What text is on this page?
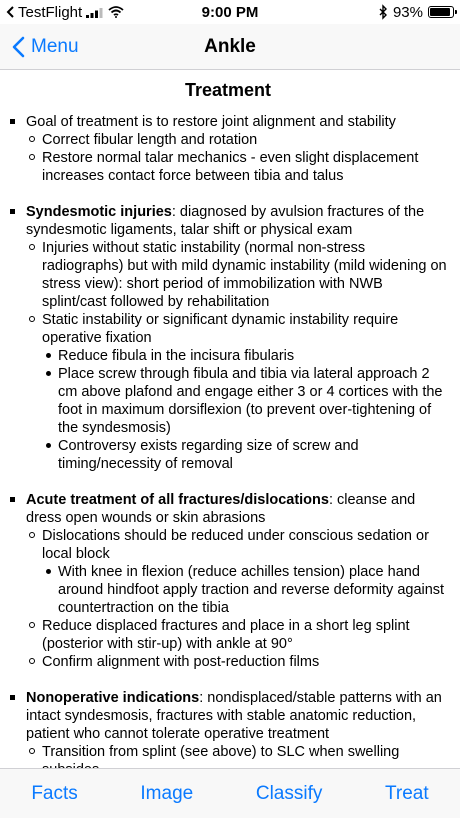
TestFlight	9:00 PM	93%
Menu	Ankle
Treatment
Goal of treatment is to restore joint alignment and stability
Correct fibular length and rotation
Restore normal talar mechanics - even slight displacement increases contact force between tibia and talus
Syndesmotic injuries: diagnosed by avulsion fractures of the syndesmotic ligaments, talar shift or physical exam
Injuries without static instability (normal non-stress radiographs) but with mild dynamic instability (mild widening on stress view): short period of immobilization with NWB splint/cast followed by rehabilitation
Static instability or significant dynamic instability require operative fixation
Reduce fibula in the incisura fibularis
Place screw through fibula and tibia via lateral approach 2 cm above plafond and engage either 3 or 4 cortices with the foot in maximum dorsiflexion (to prevent over-tightening of the syndesmosis)
Controversy exists regarding size of screw and timing/necessity of removal
Acute treatment of all fractures/dislocations: cleanse and dress open wounds or skin abrasions
Dislocations should be reduced under conscious sedation or local block
With knee in flexion (reduce achilles tension) place hand around hindfoot apply traction and reverse deformity against countertraction on the tibia
Reduce displaced fractures and place in a short leg splint (posterior with stir-up) with ankle at 90°
Confirm alignment with post-reduction films
Nonoperative indications: nondisplaced/stable patterns with an intact syndesmosis, fractures with stable anatomic reduction, patient who cannot tolerate operative treatment
Transition from splint (see above) to SLC when swelling
Facts	Image	Classify	Treat
